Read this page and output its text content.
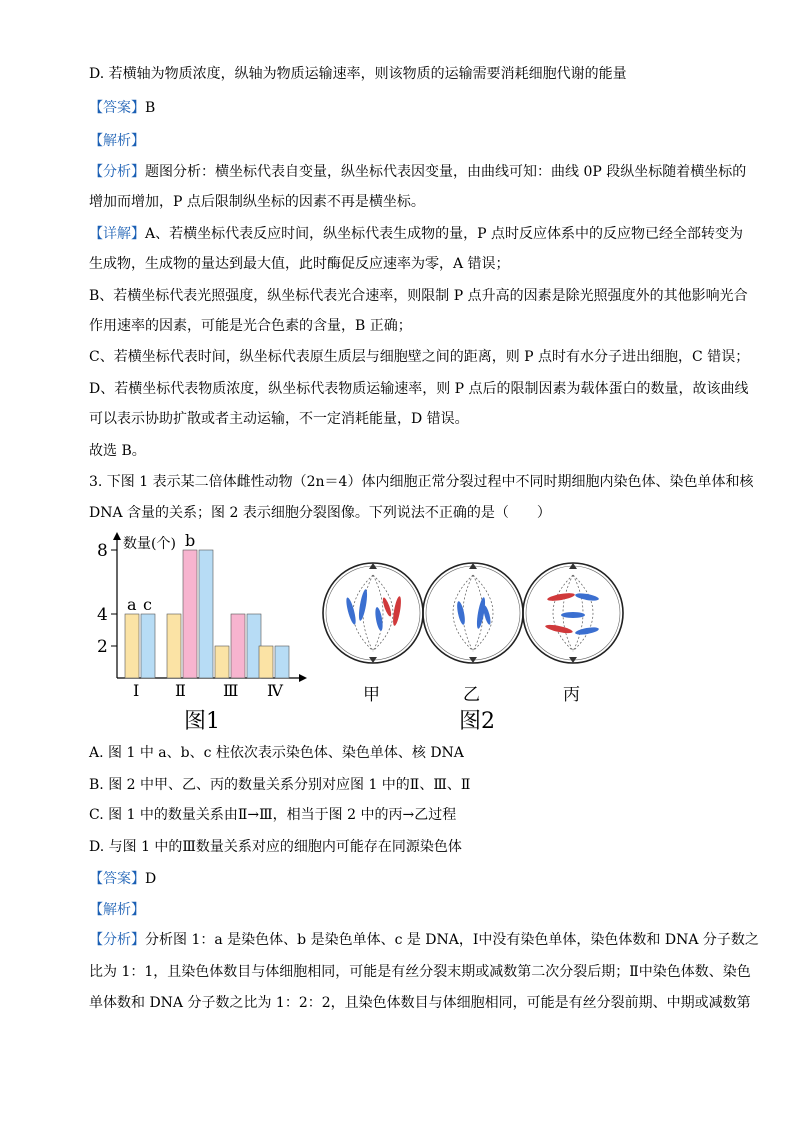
D. 若横轴为物质浓度，纵轴为物质运输速率，则该物质的运输需要消耗细胞代谢的能量
【答案】B
【解析】
【分析】题图分析：横坐标代表自变量，纵坐标代表因变量，由曲线可知：曲线 0P 段纵坐标随着横坐标的
增加而增加，P 点后限制纵坐标的因素不再是横坐标。
【详解】A、若横坐标代表反应时间，纵坐标代表生成物的量，P 点时反应体系中的反应物已经全部转变为
生成物，生成物的量达到最大值，此时酶促反应速率为零，A 错误；
B、若横坐标代表光照强度，纵坐标代表光合速率，则限制 P 点升高的因素是除光照强度外的其他影响光合
作用速率的因素，可能是光合色素的含量，B 正确；
C、若横坐标代表时间，纵坐标代表原生质层与细胞壁之间的距离，则 P 点时有水分子进出细胞，C 错误；
D、若横坐标代表物质浓度，纵坐标代表物质运输速率，则 P 点后的限制因素为载体蛋白的数量，故该曲线
可以表示协助扩散或者主动运输，不一定消耗能量，D 错误。
故选 B。
3. 下图 1 表示某二倍体雌性动物（2n＝4）体内细胞正常分裂过程中不同时期细胞内染色体、染色单体和核
DNA 含量的关系；图 2 表示细胞分裂图像。下列说法不正确的是（　　）
数量(个)
2
4
8
a c
b
Ⅰ Ⅱ Ⅲ Ⅳ
图1
甲	乙	丙
图2
A. 图 1 中 a、b、c 柱依次表示染色体、染色单体、核 DNA
B. 图 2 中甲、乙、丙的数量关系分别对应图 1 中的Ⅱ、Ⅲ、Ⅱ
C. 图 1 中的数量关系由Ⅱ→Ⅲ，相当于图 2 中的丙→乙过程
D. 与图 1 中的Ⅲ数量关系对应的细胞内可能存在同源染色体
【答案】D
【解析】
【分析】分析图 1：a 是染色体、b 是染色单体、c 是 DNA，Ⅰ中没有染色单体，染色体数和 DNA 分子数之
比为 1：1，且染色体数目与体细胞相同，可能是有丝分裂末期或减数第二次分裂后期；Ⅱ中染色体数、染色
单体数和 DNA 分子数之比为 1：2：2，且染色体数目与体细胞相同，可能是有丝分裂前期、中期或减数第
